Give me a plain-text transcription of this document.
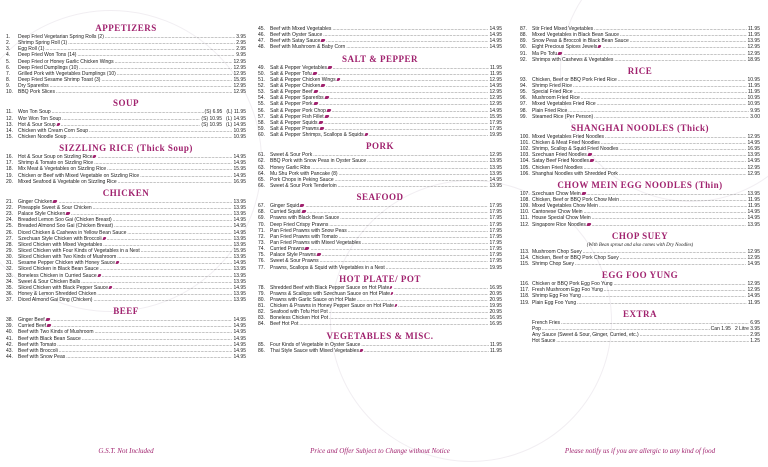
APPETIZERS
1.	Deep Fried Vegetarian Spring Rolls (2) .....	3.95
2.	Shrimp Spring Roll (1) .....	2.95
3.	Egg Roll (1) .....	2.95
4.	Deep Fried Won Tons (14) .....	9.95
5.	Deep Fried or Honey Garlic Chicken Wings .....	12.95
6.	Deep Fried Dumplings (10) .....	12.95
7.	Grilled Pork with Vegetables Dumplings (10) .....	12.95
8.	Deep Fried Sesame Shrimp Toast (3) .....	15.95
9.	Dry Spareribs .....	12.95
10.	BBQ Pork Slices .....	12.95
SOUP
11.	Won Ton Soup .....	(S) 6.95 (L) 11.95
12.	Wor Won Ton Soup .....	(S) 10.95 (L) 14.95
13.	Hot & Sour Soup .....	(S) 10.95 (L) 14.95
14.	Chicken with Cream Corn Soup .....	10.95
15.	Chicken Noodle Soup .....	10.95
SIZZLING RICE (Thick Soup)
16.	Hot & Sour Soup on Sizzling Rice .....	14.95
17.	Shrimp & Tomato on Sizzling Rice .....	14.95
18.	Mix Meat & Vegetables on Sizzling Rice .....	15.95
19.	Chicken or Beef with Mixed Vegetable on Sizzling Rice .....	14.95
20.	Mixed Seafood & Vegetable on Sizzling Rice .....	16.95
CHICKEN
21.	Ginger Chicken .....	13.95
22.	Pineapple Sweet & Sour Chicken .....	13.95
23.	Palace Style Chicken .....	13.95
24.	Breaded Lemon Soo Gai (Chicken Breast) .....	14.95
25.	Breaded Almond Soo Gai (Chicken Breast) .....	14.95
26.	Diced Chicken & Cashews in Yellow Bean Sauce .....	14.95
27.	Szechuan Style Chicken with Broccoli .....	13.95
28.	Sliced Chicken with Mixed Vegetables .....	13.95
29.	Sliced Chicken with Four Kinds of Vegetables in a Nest .....	15.95
30.	Sliced Chicken with Two Kinds of Mushroom .....	13.95
31.	Sesame Pepper Chicken with Honey Sauce .....	14.95
32.	Sliced Chicken in Black Bean Sauce .....	13.95
33.	Boneless Chicken in Curried Sauce .....	13.95
34.	Sweet & Sour Chicken Balls .....	13.95
35.	Sliced Chicken with Black Pepper Sauce .....	14.95
36.	Honey & Lemon Shredded Chicken .....	13.95
37.	Diced Almond Gai Ding (Chicken) .....	13.95
BEEF
38.	Ginger Beef .....	14.95
39.	Curried Beef .....	14.95
40.	Beef with Two Kinds of Mushroom .....	14.95
41.	Beef with Black Bean Sauce .....	14.95
42.	Beef with Tomato .....	14.95
43.	Beef with Broccoli .....	14.95
44.	Beef with Snow Peas .....	14.95
G.S.T. Not Included
45.	Beef with Mixed Vegetables .....	14.95
46.	Beef with Oyster Sauce .....	14.95
47.	Beef with Satay Sauce .....	14.95
48.	Beef with Mushroom & Baby Corn .....	14.95
SALT & PEPPER
49.	Salt & Pepper Vegetables .....	11.95
50.	Salt & Pepper Tofu .....	11.95
51.	Salt & Pepper Chicken Wings .....	12.95
52.	Salt & Pepper Chicken .....	14.95
53.	Salt & Pepper Beef .....	12.95
54.	Salt & Pepper Spareribs .....	12.95
55.	Salt & Pepper Pork .....	12.95
56.	Salt & Pepper Pork Chop .....	14.95
57.	Salt & Pepper Fish Fillet .....	15.95
58.	Salt & Pepper Squids .....	17.95
59.	Salt & Pepper Prawns .....	17.95
60.	Salt & Pepper Shrimps, Scallops & Squids .....	19.95
PORK
61.	Sweet & Sour Pork .....	12.95
62.	BBQ Pork with Snow Peas in Oyster Sauce .....	13.95
63.	Honey Garlic Ribs .....	13.95
64.	Mu Shu Pork with Pancake (8) .....	13.95
65.	Pork Chops in Peking Sauce .....	14.95
66.	Sweet & Sour Pork Tenderloin .....	13.95
SEAFOOD
67.	Ginger Squid .....	17.95
68.	Curried Squid .....	17.95
69.	Prawns with Black Bean Sauce .....	17.95
70.	Deep Fried Crispy Prawns .....	17.95
71.	Pan Fried Prawns with Snow Peas .....	17.95
72.	Pan Fried Prawns with Tomato .....	17.95
73.	Pan Fried Prawns with Mixed Vegetables .....	17.95
74.	Curried Prawns .....	17.95
75.	Palace Style Prawns .....	17.95
76.	Sweet & Sour Prawns .....	17.95
77.	Prawns, Scallops & Squid with Vegetables in a Nest .....	19.95
HOT PLATE/ POT
78.	Shredded Beef with Black Pepper Sauce on Hot Plate .....	16.95
79.	Prawns & Scallops with Szechuan Sauce on Hot Plate .....	20.95
80.	Prawns with Garlic Sauce on Hot Plate .....	20.95
81.	Chicken & Prawns in Honey Pepper Sauce on Hot Plate .....	19.95
82.	Seafood with Tofu Hot Pot .....	20.95
83.	Boneless Chicken Hot Pot .....	16.95
84.	Beef Hot Pot .....	16.95
VEGETABLES & MISC.
85.	Four Kinds of Vegetable in Oyster Sauce .....	11.95
86.	Thai Style Sauce with Mixed Vegetables .....	11.95
Price and Offer Subject to Change without Notice
87.	Stir Fried Mixed Vegetables .....	11.95
88.	Mixed Vegetables in Black Bean Sauce .....	11.95
89.	Snow Peas & Broccoli in Black Bean Sauce .....	13.95
90.	Eight Precious Spices Jewels .....	12.95
91.	Ma Po Tofu .....	12.95
92.	Shrimps with Cashews & Vegetables .....	18.95
RICE
93.	Chicken, Beef or BBQ Pork Fried Rice .....	10.95
94.	Shrimp Fried Rice .....	11.95
95.	Special Fried Rice .....	11.95
96.	Mushroom Fried Rice .....	10.95
97.	Mixed Vegetables Fried Rice .....	10.95
98.	Plain Fried Rice .....	9.95
99.	Steamed Rice (Per Person) .....	3.00
SHANGHAI NOODLES (Thick)
100. Mixed Vegetables Fried Noodles .....	12.95
101. Chicken & Meat Fried Noodles .....	14.95
102. Shrimp, Scallop & Squid Fried Noodles .....	16.95
103. Szechuan Fried Noodles .....	13.95
104. Satay Beef Fried Noodles .....	14.95
105. Chicken Fried Noodles .....	12.95
106. Shanghai Noodles with Shredded Pork .....	12.95
CHOW MEIN EGG NOODLES (Thin)
107. Szechuan Chow Mein .....	13.95
108. Chicken, Beef or BBQ Pork Chow Mein .....	11.95
109. Mixed Vegetables Chow Mein .....	11.95
110. Cantonese Chow Mein .....	14.95
111. House Special Chow Mein .....	14.95
112. Singapore Rice Noodles .....	13.95
CHOP SUEY
(With Bean sprout and also comes with Dry Noodles)
113. Mushroom Chop Suey .....	12.95
114. Chicken, Beef or BBQ Pork Chop Suey .....	12.95
115. Shrimp Chop Suey .....	14.95
EGG FOO YUNG
116. Chicken or BBQ Pork Egg Foo Yung .....	12.95
117. Fresh Mushroom Egg Foo Yung .....	12.95
118. Shrimp Egg Foo Yung .....	14.95
119. Plain Egg Foo Yung .....	11.95
EXTRA
French Fries .....	6.95
Pop .....	Can 1.95 2 Litre 3.95
Any Sauce (Sweet & Sour, Ginger, Curried, etc.) .....	2.95
Hot Sauce .....	1.25
Please notify us if you are allergic to any kind of food
